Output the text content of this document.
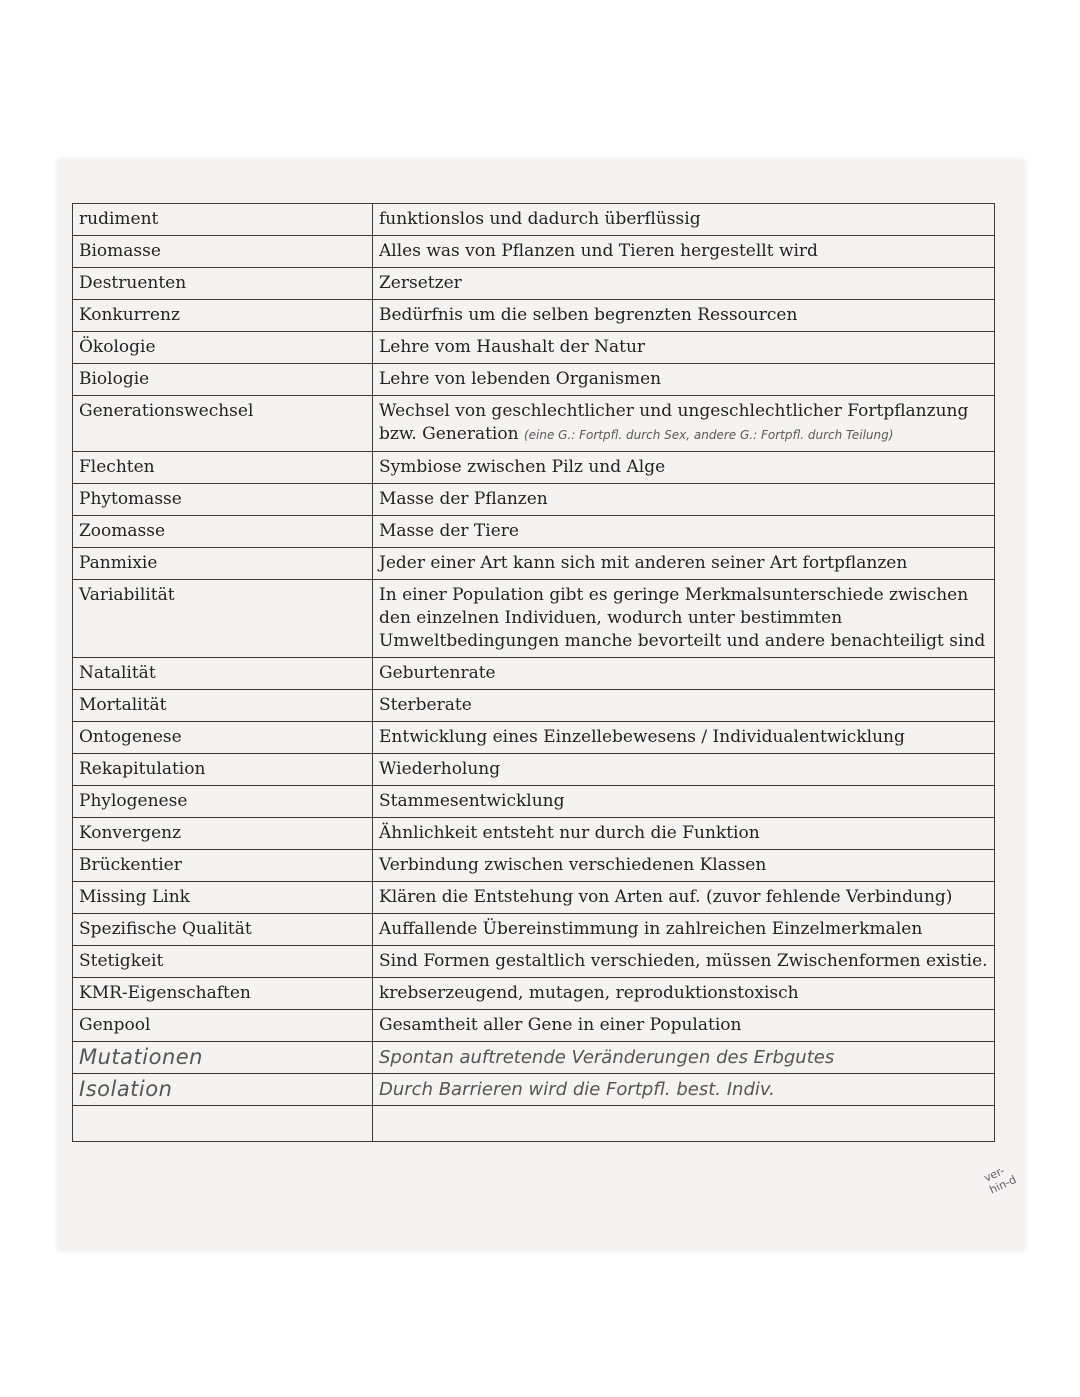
rudiment	funktionslos und dadurch überflüssig
Biomasse	Alles was von Pflanzen und Tieren hergestellt wird
Destruenten	Zersetzer
Konkurrenz	Bedürfnis um die selben begrenzten Ressourcen
Ökologie	Lehre vom Haushalt der Natur
Biologie	Lehre von lebenden Organismen
Generationswechsel	Wechsel von geschlechtlicher und ungeschlechtlicher Fortpflanzung bzw. Generation (eine G.: Fortpfl. durch Sex, andere G.: Fortpfl. durch Teilung)
Flechten	Symbiose zwischen Pilz und Alge
Phytomasse	Masse der Pflanzen
Zoomasse	Masse der Tiere
Panmixie	Jeder einer Art kann sich mit anderen seiner Art fortpflanzen
Variabilität	In einer Population gibt es geringe Merkmalsunterschiede zwischen den einzelnen Individuen, wodurch unter bestimmten Umweltbedingungen manche bevorteilt und andere benachteiligt sind
Natalität	Geburtenrate
Mortalität	Sterberate
Ontogenese	Entwicklung eines Einzellebewesens / Individualentwicklung
Rekapitulation	Wiederholung
Phylogenese	Stammesentwicklung
Konvergenz	Ähnlichkeit entsteht nur durch die Funktion
Brückentier	Verbindung zwischen verschiedenen Klassen
Missing Link	Klären die Entstehung von Arten auf. (zuvor fehlende Verbindung)
Spezifische Qualität	Auffallende Übereinstimmung in zahlreichen Einzelmerkmalen
Stetigkeit	Sind Formen gestaltlich verschieden, müssen Zwischenformen existie.
KMR-Eigenschaften	krebserzeugend, mutagen, reproduktionstoxisch
Genpool	Gesamtheit aller Gene in einer Population
Mutationen	Spontan auftretende Veränderungen des Erbgutes
Isolation	Durch Barrieren wird die Fortpfl. best. Indiv.

ver-hin-d
